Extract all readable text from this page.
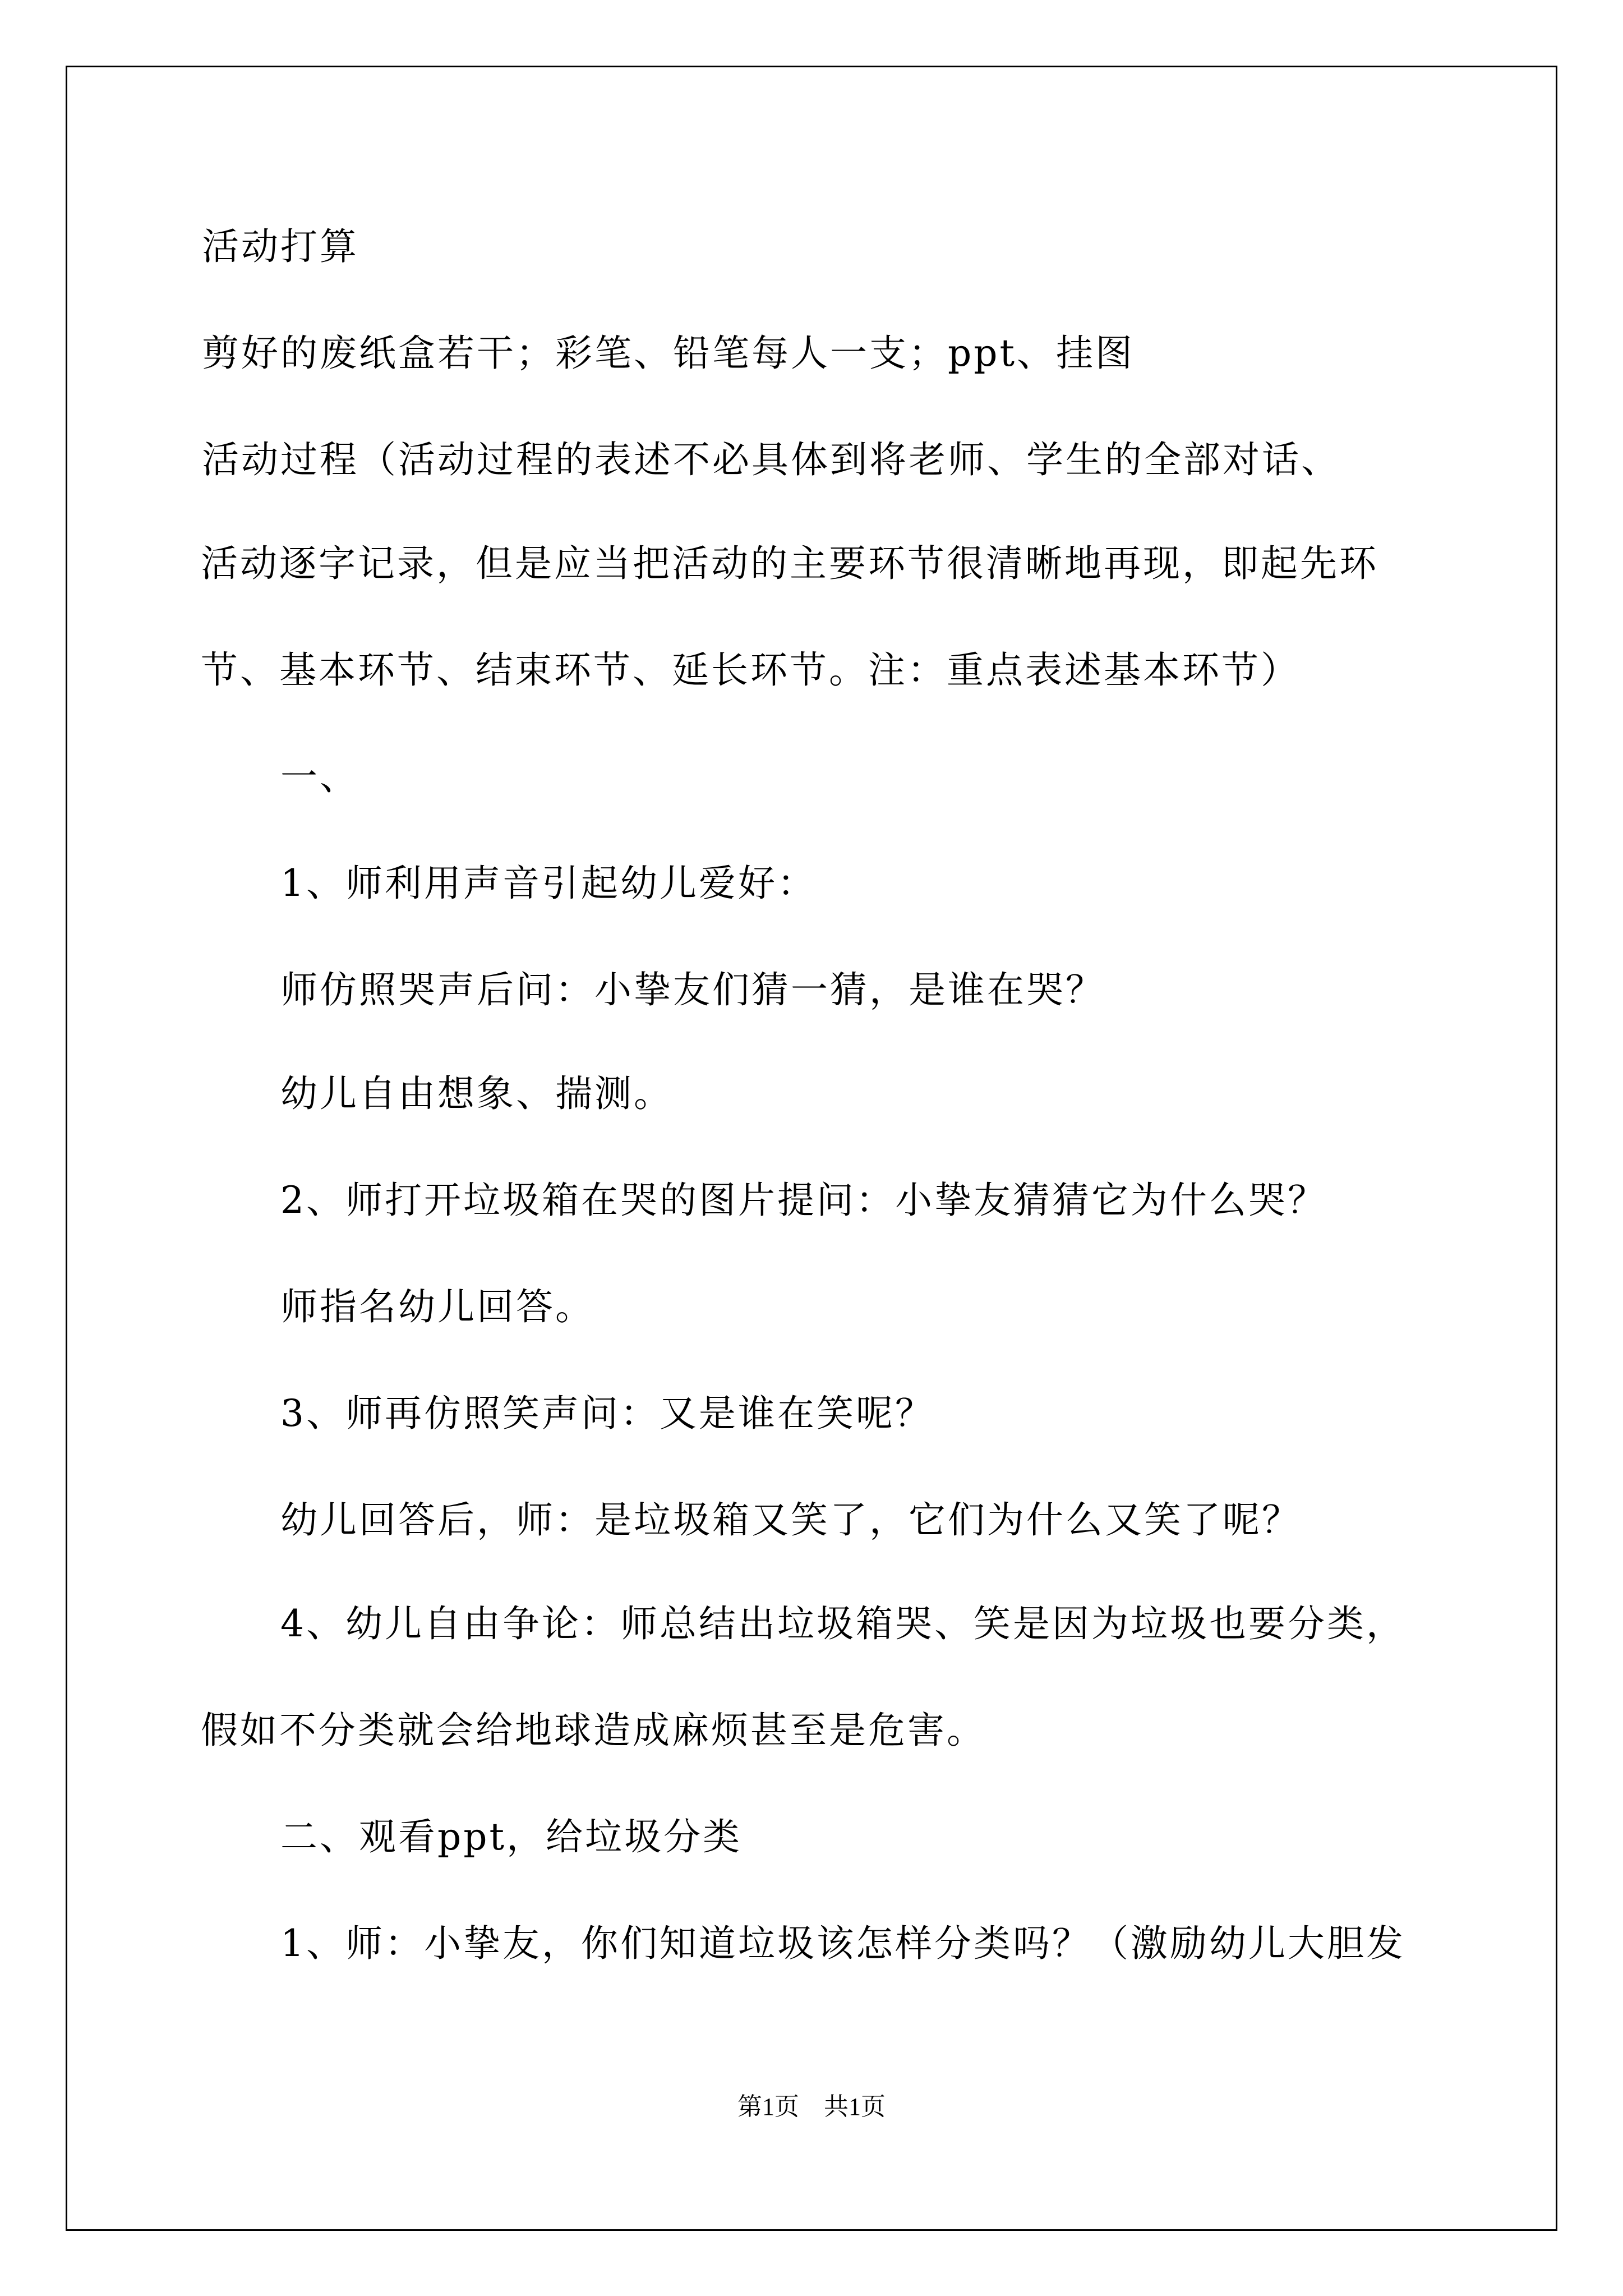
活动打算
剪好的废纸盒若干；彩笔、铅笔每人一支；ppt、挂图
活动过程（活动过程的表述不必具体到将老师、学生的全部对话、
活动逐字记录，但是应当把活动的主要环节很清晰地再现，即起先环
节、基本环节、结束环节、延长环节。注：重点表述基本环节）
一、
1、师利用声音引起幼儿爱好：
师仿照哭声后问：小挚友们猜一猜，是谁在哭？
幼儿自由想象、揣测。
2、师打开垃圾箱在哭的图片提问：小挚友猜猜它为什么哭？
师指名幼儿回答。
3、师再仿照笑声问：又是谁在笑呢？
幼儿回答后，师：是垃圾箱又笑了，它们为什么又笑了呢？
4、幼儿自由争论：师总结出垃圾箱哭、笑是因为垃圾也要分类，
假如不分类就会给地球造成麻烦甚至是危害。
二、观看ppt，给垃圾分类
1、师：小挚友，你们知道垃圾该怎样分类吗？（激励幼儿大胆发
第1页　共1页
